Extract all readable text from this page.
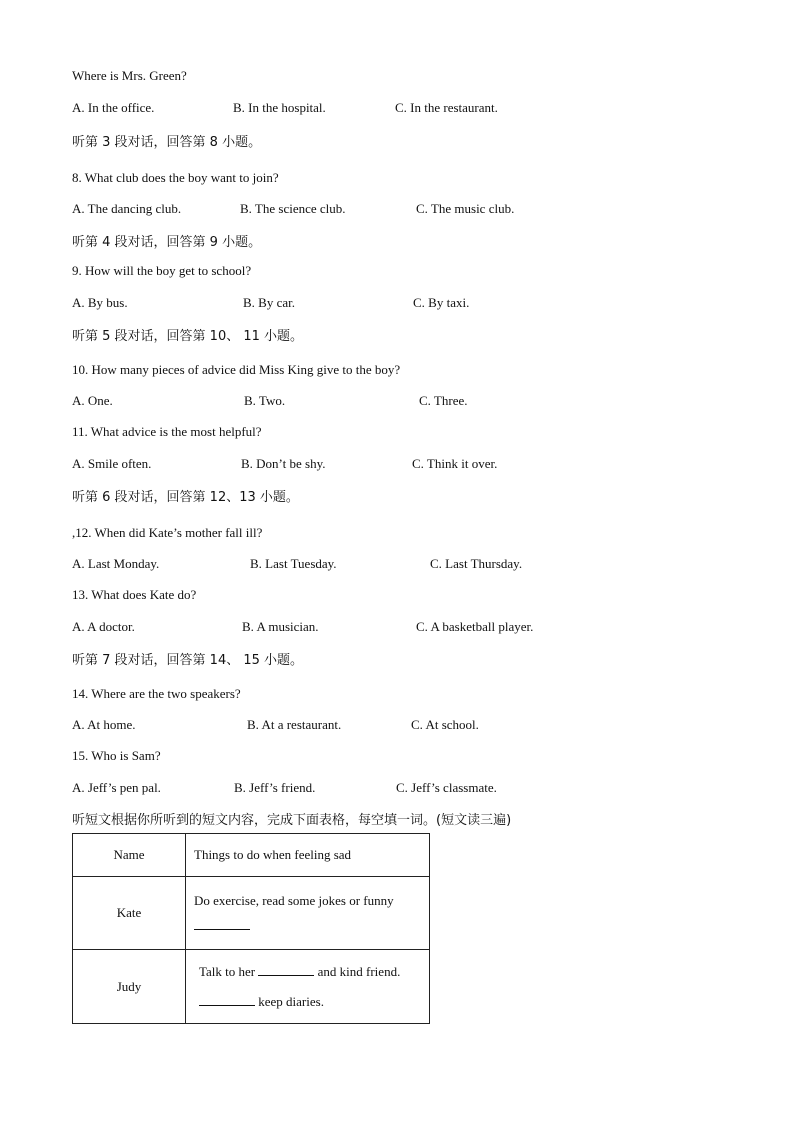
Where is Mrs. Green?
A. In the office.	B. In the hospital.	C. In the restaurant.
听第 3 段对话，回答第 8 小题。
8. What club does the boy want to join?
A. The dancing club.	B. The science club.	C. The music club.
听第 4 段对话，回答第 9 小题。
9. How will the boy get to school?
A. By bus.	B. By car.	C. By taxi.
听第 5 段对话，回答第 10、 11 小题。
10. How many pieces of advice did Miss King give to the boy?
A. One.	B. Two.	C. Three.
11. What advice is the most helpful?
A. Smile often.	B. Don’t be shy.	C. Think it over.
听第 6 段对话，回答第 12、13 小题。
,12. When did Kate’s mother fall ill?
A. Last Monday.	B. Last Tuesday.	C. Last Thursday.
13. What does Kate do?
A. A doctor.	B. A musician.	C. A basketball player.
听第 7 段对话，回答第 14、 15 小题。
14. Where are the two speakers?
A. At home.	B. At a restaurant.	C. At school.
15. Who is Sam?
A. Jeff’s pen pal.	B. Jeff’s friend.	C. Jeff’s classmate.
听短文根据你所听到的短文内容，完成下面表格，每空填一词。(短文读三遍)
Name	Things to do when feeling sad
Kate	Do exercise, read some jokes or funny

Judy	Talk to her and kind friend.
keep diaries.
